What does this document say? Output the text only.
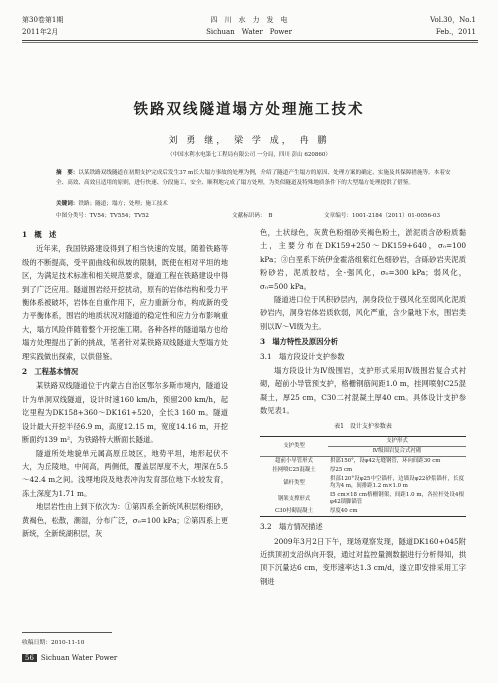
第30卷第1期
2011年2月
四　川　水　力　发　电
Sichuan　Water　Power
Vol.30，No.1
Feb.，2011
铁路双线隧道塌方处理施工技术
刘 勇 继， 梁 学 成， 冉 鹏
（中国水利水电第七工程局有限公司 一分局，四川 彭山 620860）
摘　要：以某铁路双线隧道在初期支护完成后发生37 m长大塌方事故的处理为例，介绍了隧道产生塌方的原因、处理方案的确定、实施及其保障措施等。本着安全、高效、高效且适用的原则，进行快速、分段施工，安全、顺利地完成了塌方处理，为类似隧道及特殊地质条件下的大型塌方处理提供了借鉴。
关键词：铁路；隧道；塌方；处理；施工技术
中图分类号：TV54；TV554；TV52	文献标识码：　B	文章编号：1001-2184（2011）01-0056-03
1　概　述

近年来，我国铁路建设得到了相当快速的发展，随着铁路等级的不断提高，受平面曲线和纵坡的限制，既使在相对平坦的地区，为满足技术标准和相关规范要求，隧道工程在铁路建设中得到了广泛应用。隧道围岩经开挖扰动，原有的岩体结构和受力平衡体系被破坏，岩体在自重作用下，应力重新分布，构成新的受力平衡体系，围岩的地质状况对隧道的稳定性和应力分布影响重大，塌方风险伴随着整个开挖施工期。各种各样的隧道塌方也给塌方处理提出了新的挑战，笔者针对某铁路双线隧道大型塌方处理实践做出探索，以供借鉴。

2　工程基本情况

某铁路双线隧道位于内蒙古自治区鄂尔多斯市境内，隧道设计为单洞双线隧道，设计时速160 km/h，预留200 km/h，起讫里程为DK158+360～DK161+520，全长3 160 m。隧道设计最大开挖半径6.9 m，高度12.15 m，宽度14.16 m，开挖断面约139 m²，为铁路特大断面长隧道。

隧道所处地貌单元属高原丘坡区，地势平坦，地形起伏不大，为丘陵地，中间高，两侧低，覆盖层厚度不大，埋深在5.5～42.4 m之间。浅埋地段及地表冲沟发育部位地下水较发育，冻土深度为1.71 m。

地层岩性由上到下依次为：①第四系全新统风积层粉细砂，黄褐色，松散，潮湿，分布广泛，σ₀=100 kPa；②第四系上更新统，全新统湖积层，灰

色，土状绿色，灰黄色粉细砂夹褐色粉土，淤泥质含砂粉质黏土，主要分布在DK159+250～DK159+640，σ₀=100 kPa；③白垩系下统伊金霍洛组紫红色细砂岩，含砾砂岩夹泥质粉砂岩，泥质胶结，全-强风化，σ₀=300 kPa；弱风化，σ₀=500 kPa。

隧道进口位于风积砂层内，洞身段位于强风化至弱风化泥质砂岩内，洞身岩体岩质软弱，风化严重，含少量地下水，围岩类别以Ⅳ～Ⅵ级为主。

3　塌方特性及原因分析
3.1　塌方段设计支护参数

塌方段设计为Ⅳ级围岩，支护形式采用Ⅳ级围岩复合式衬砌，超前小导管预支护，格栅钢筋间距1.0 m，挂网喷射C25混凝土，厚25 cm，C30二衬混凝土厚40 cm。具体设计支护参数见表1。

表1　设计支护参数表
支护类型	支护形式
	Ⅳ级围岩复合式衬砌
超前小导管形式	拱部150°，设φ42无缝钢管，环向间距30 cm
挂网喷C25混凝土	厚25 cm
锚杆类型	拱部120°设φ25中空锚杆，边墙设φ22砂浆锚杆，长度均为4 m，间排距1.2 m×1.0 m
钢架支撑形式	I5 cm×18 cm格栅钢架，间距1.0 m，各拉杆处设4根φ42锁脚锚管
C30衬砌混凝土	厚度40 cm
3.2　塌方情况描述

2009年3月2日下午，现场观察发现，隧道DK160+045附近拱顶初支沿纵向开裂，通过对监控量测数据进行分析得知，拱顶下沉量达6 cm，变形速率达1.3 cm/d，遂立即安排采用工字钢进

收稿日期：2010-11-10
56 Sichuan Water Power
